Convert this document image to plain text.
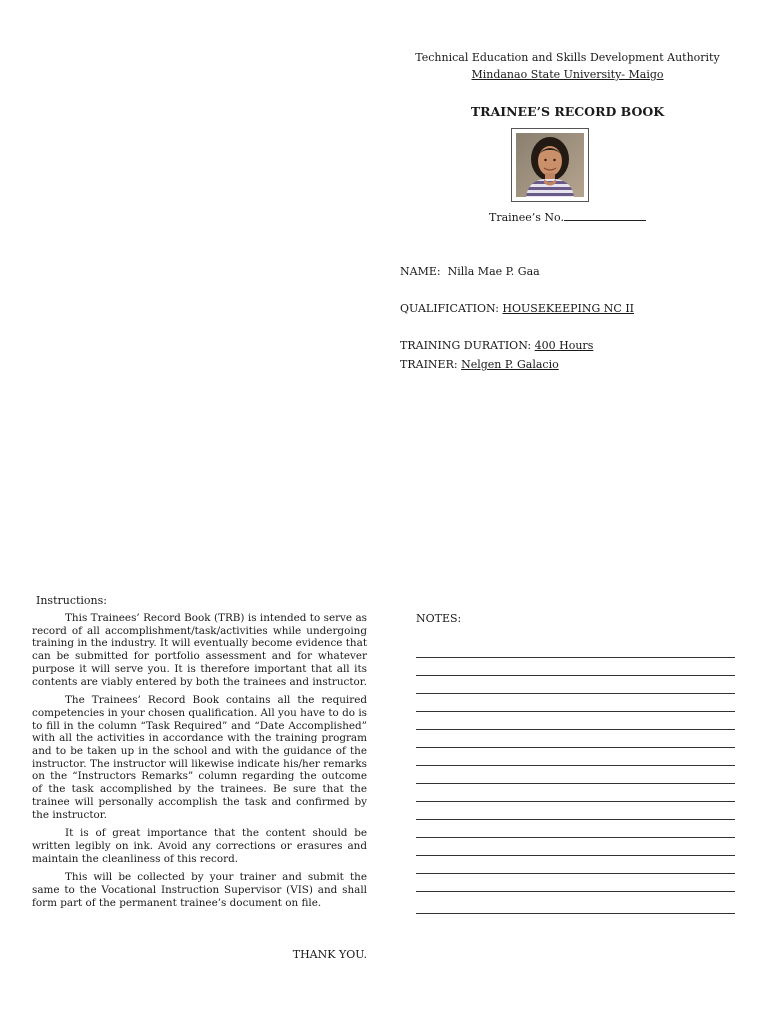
Technical Education and Skills Development Authority
Mindanao State University- Maigo
TRAINEE’S RECORD BOOK
Trainee’s No.
NAME: Nilla Mae P. Gaa
QUALIFICATION: HOUSEKEEPING NC II
TRAINING DURATION: 400 Hours
TRAINER: Nelgen P. Galacio
Instructions:

This Trainees’ Record Book (TRB) is intended to serve as record of all accomplishment/task/activities while undergoing training in the industry. It will eventually become evidence that can be submitted for portfolio assessment and for whatever purpose it will serve you. It is therefore important that all its contents are viably entered by both the trainees and instructor.

The Trainees’ Record Book contains all the required competencies in your chosen qualification. All you have to do is to fill in the column “Task Required” and “Date Accomplished” with all the activities in accordance with the training program and to be taken up in the school and with the guidance of the instructor. The instructor will likewise indicate his/her remarks on the “Instructors Remarks” column regarding the outcome of the task accomplished by the trainees. Be sure that the trainee will personally accomplish the task and confirmed by the instructor.

It is of great importance that the content should be written legibly on ink. Avoid any corrections or erasures and maintain the cleanliness of this record.

This will be collected by your trainer and submit the same to the Vocational Instruction Supervisor (VIS) and shall form part of the permanent trainee’s document on file.

THANK YOU.
NOTES:
